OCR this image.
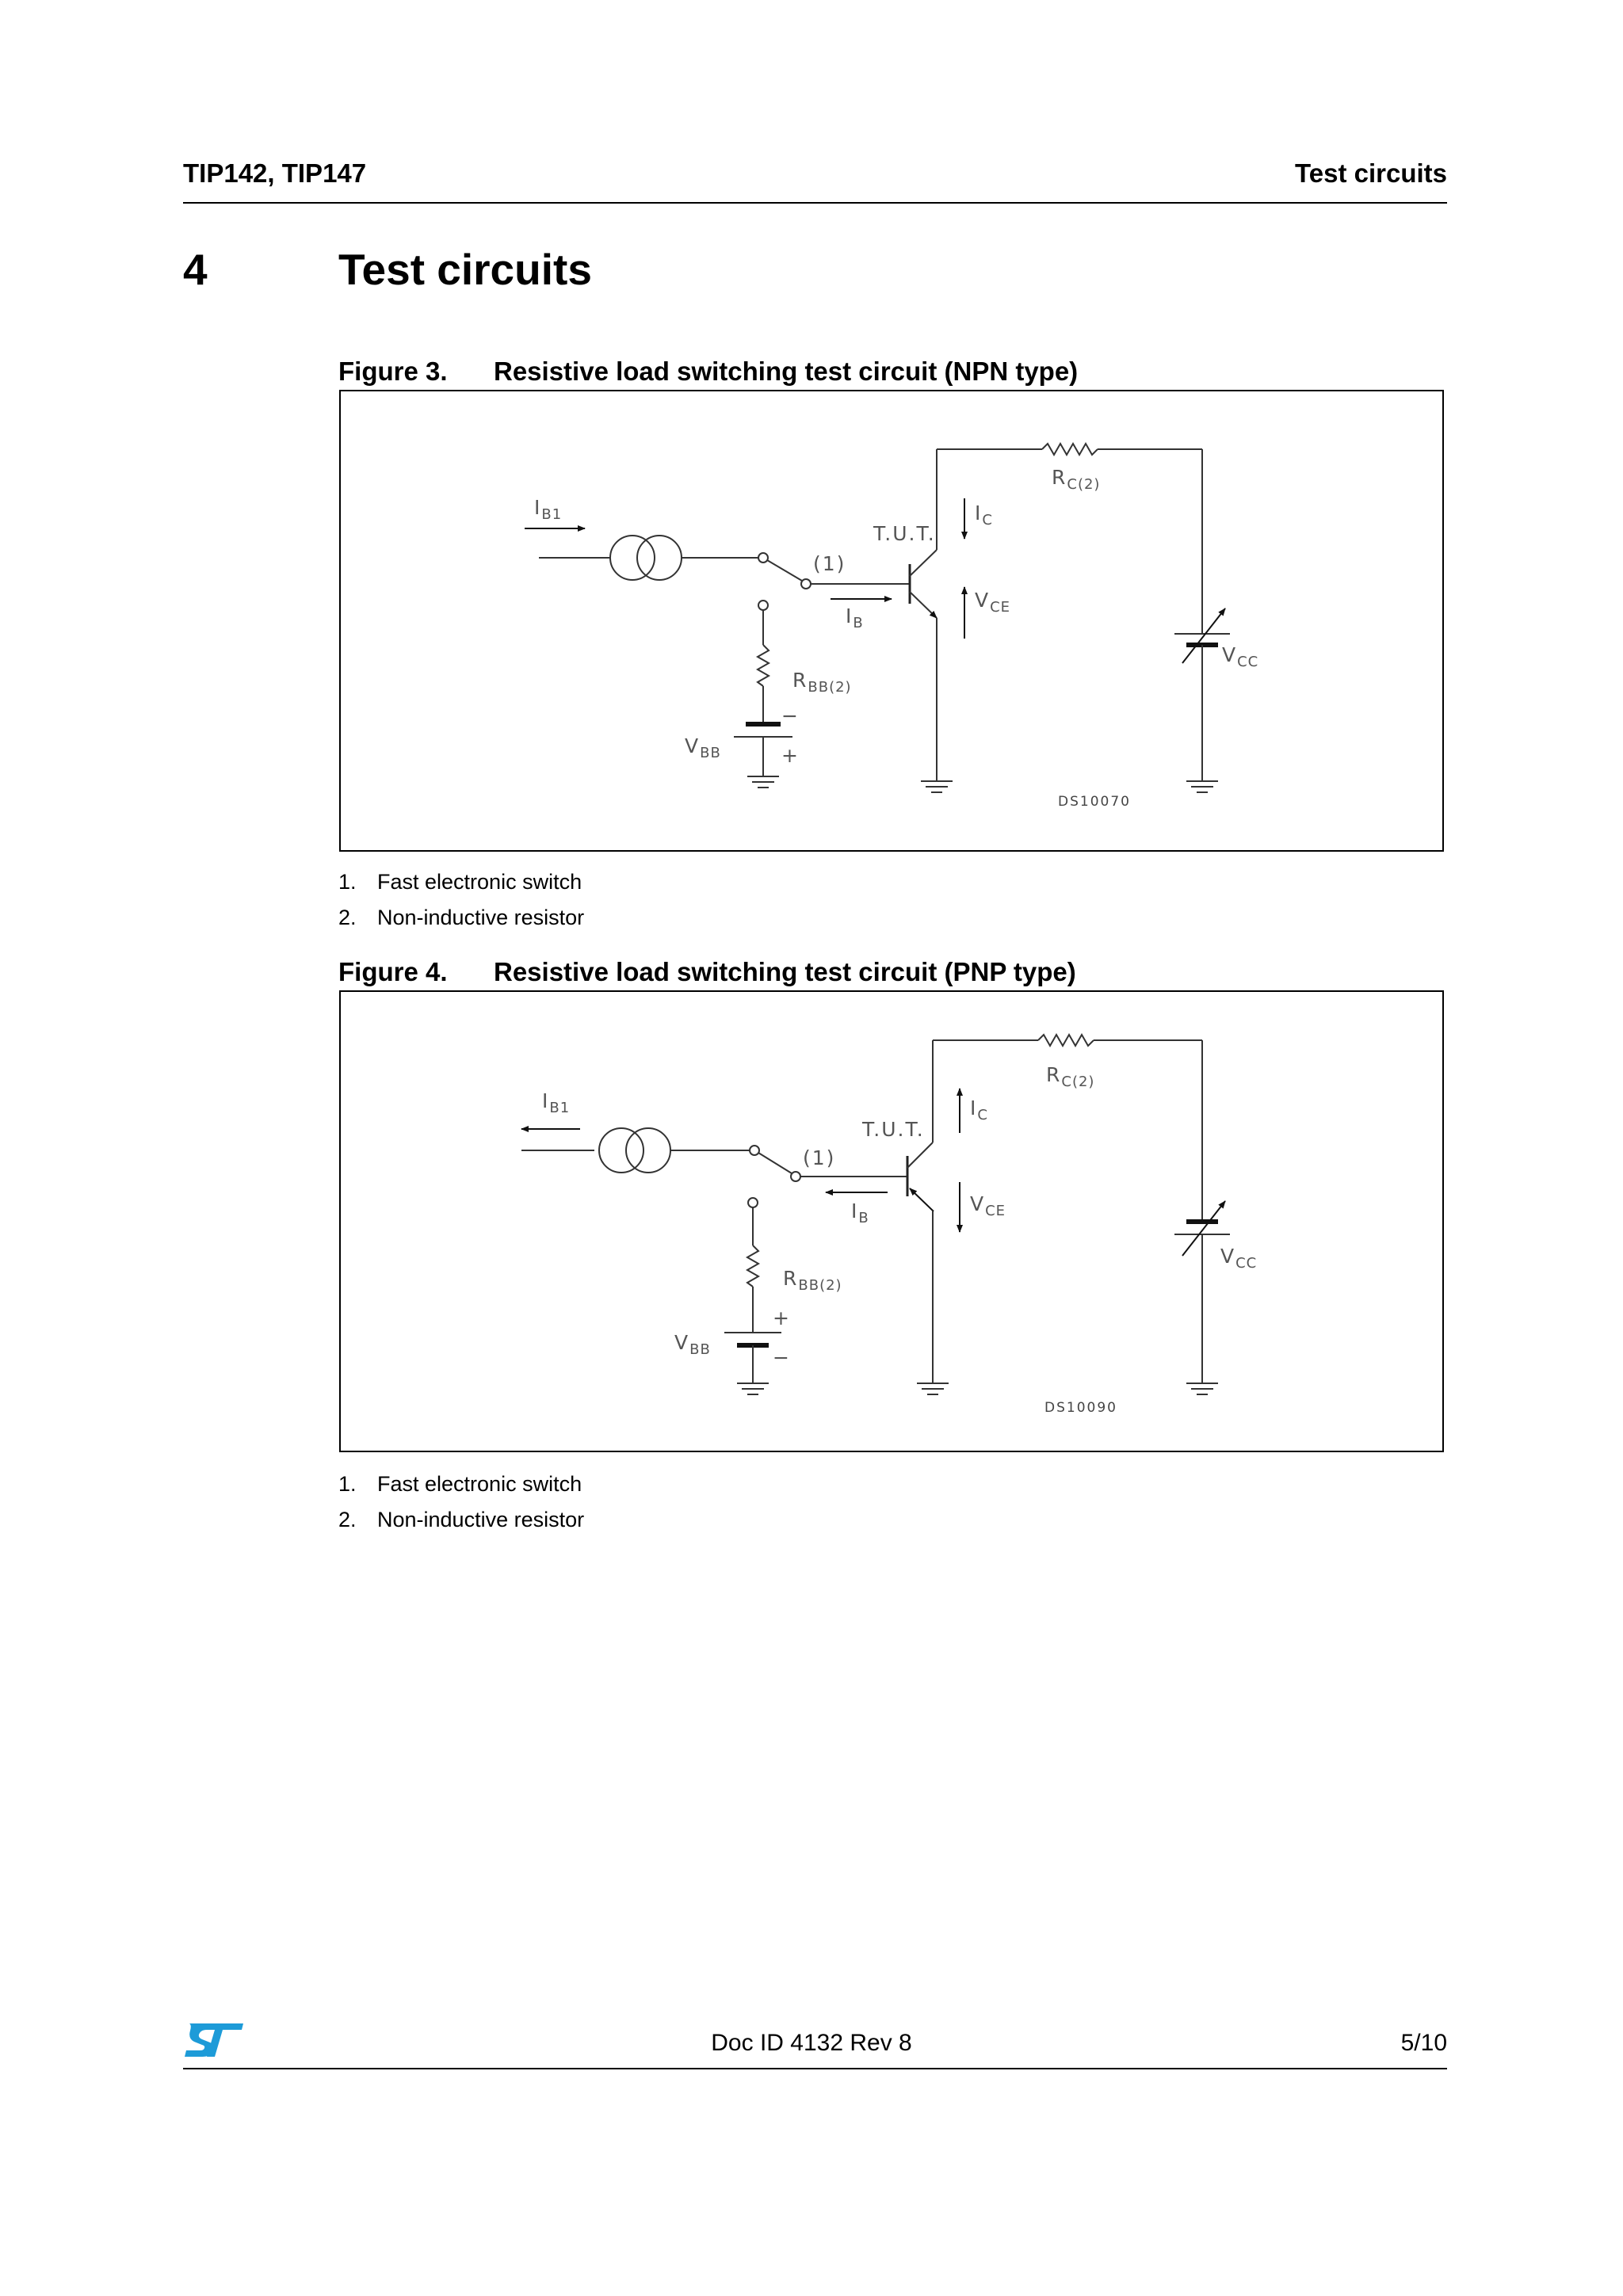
TIP142, TIP147	Test circuits
4	Test circuits
Figure 3. Resistive load switching test circuit (NPN type)
$I_{B1}$
(1)
T.U.T.
$I_C$
$I_B$
$V_{CE}$
$R_{C(2)}$
$R_{BB(2)}$
$V_{BB}$
$V_{CC}$
−
+
DS10070
1. Fast electronic switch
2. Non-inductive resistor
Figure 4. Resistive load switching test circuit (PNP type)
$I_{B1}$
(1)
T.U.T.
$I_C$
$I_B$
$V_{CE}$
$R_{C(2)}$
$R_{BB(2)}$
$V_{BB}$
$V_{CC}$
+
−
DS10090
1. Fast electronic switch
2. Non-inductive resistor
Doc ID 4132 Rev 8	5/10
